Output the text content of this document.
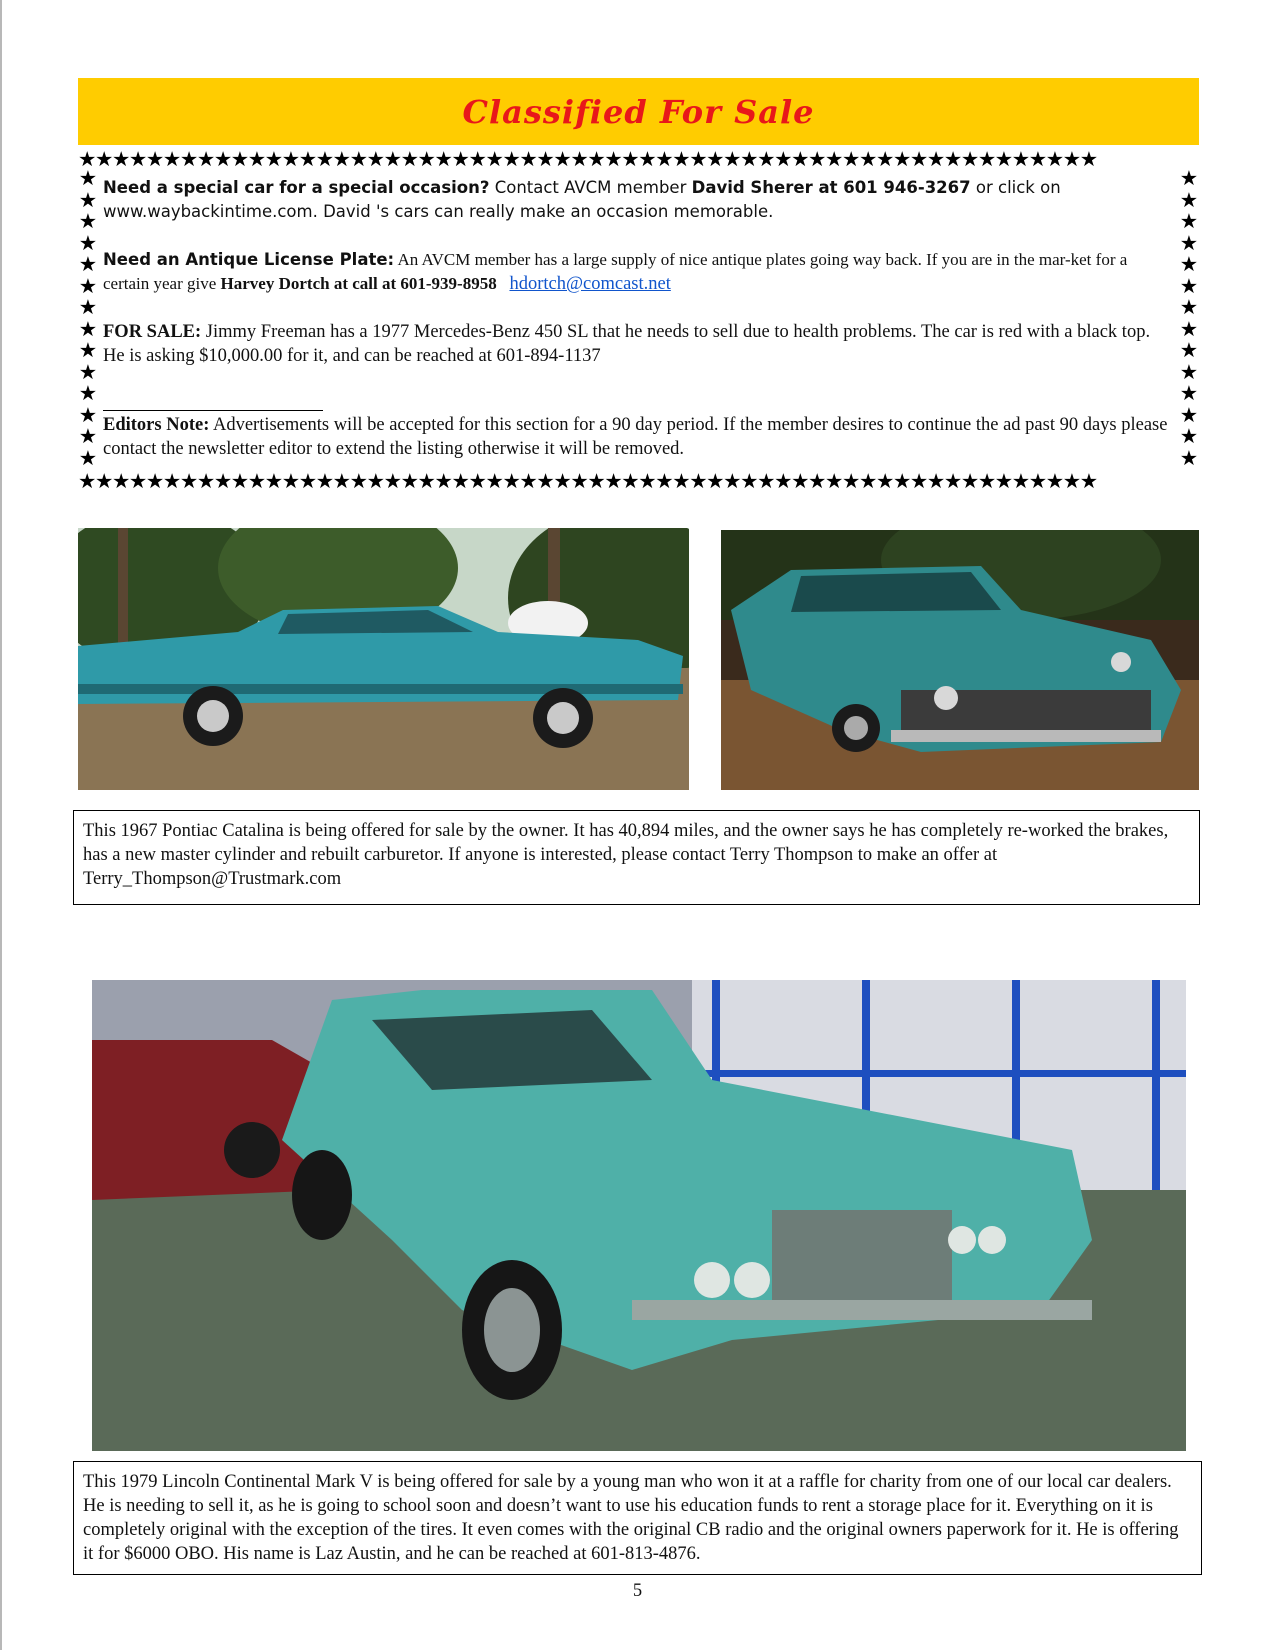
Classified For Sale
★★★★★★★★★★★★★★★★★★★★★★★★★★★★★★★★★★★★★★★★★★★★★★★★★★★★★★★★★★★★
★★★★★★★★★★★★★★★★★★★★★★★★★★★★★★★★★★★★★★★★★★★★★★★★★★★★★★★★★★★★
★
★
★
★
★
★
★
★
★
★
★
★
★
★
★
★
★
★
★
★
★
★
★
★
★
★
★
★

Need a special car for a special occasion? Contact AVCM member David Sherer at 601 946-3267 or click on
www.waybackintime.com. David 's cars can really make an occasion memorable.

Need an Antique License Plate: An AVCM member has a large supply of nice antique plates going way back. If you are in the mar-ket for a certain year give Harvey Dortch at call at 601-939-8958 hdortch@comcast.net

FOR SALE: Jimmy Freeman has a 1977 Mercedes-Benz 450 SL that he needs to sell due to health problems. The car is red with a black top. He is asking $10,000.00 for it, and can be reached at 601-894-1137

Editors Note: Advertisements will be accepted for this section for a 90 day period. If the member desires to continue the ad past 90 days please contact the newsletter editor to extend the listing otherwise it will be removed.

This 1967 Pontiac Catalina is being offered for sale by the owner. It has 40,894 miles, and the owner says he has completely re-worked the brakes, has a new master cylinder and rebuilt carburetor. If anyone is interested, please contact Terry Thompson to make an offer at Terry_Thompson@Trustmark.com
This 1979 Lincoln Continental Mark V is being offered for sale by a young man who won it at a raffle for charity from one of our local car dealers. He is needing to sell it, as he is going to school soon and doesn’t want to use his education funds to rent a storage place for it. Everything on it is completely original with the exception of the tires. It even comes with the original CB radio and the original owners paperwork for it. He is offering it for $6000 OBO. His name is Laz Austin, and he can be reached at 601-813-4876.
5
